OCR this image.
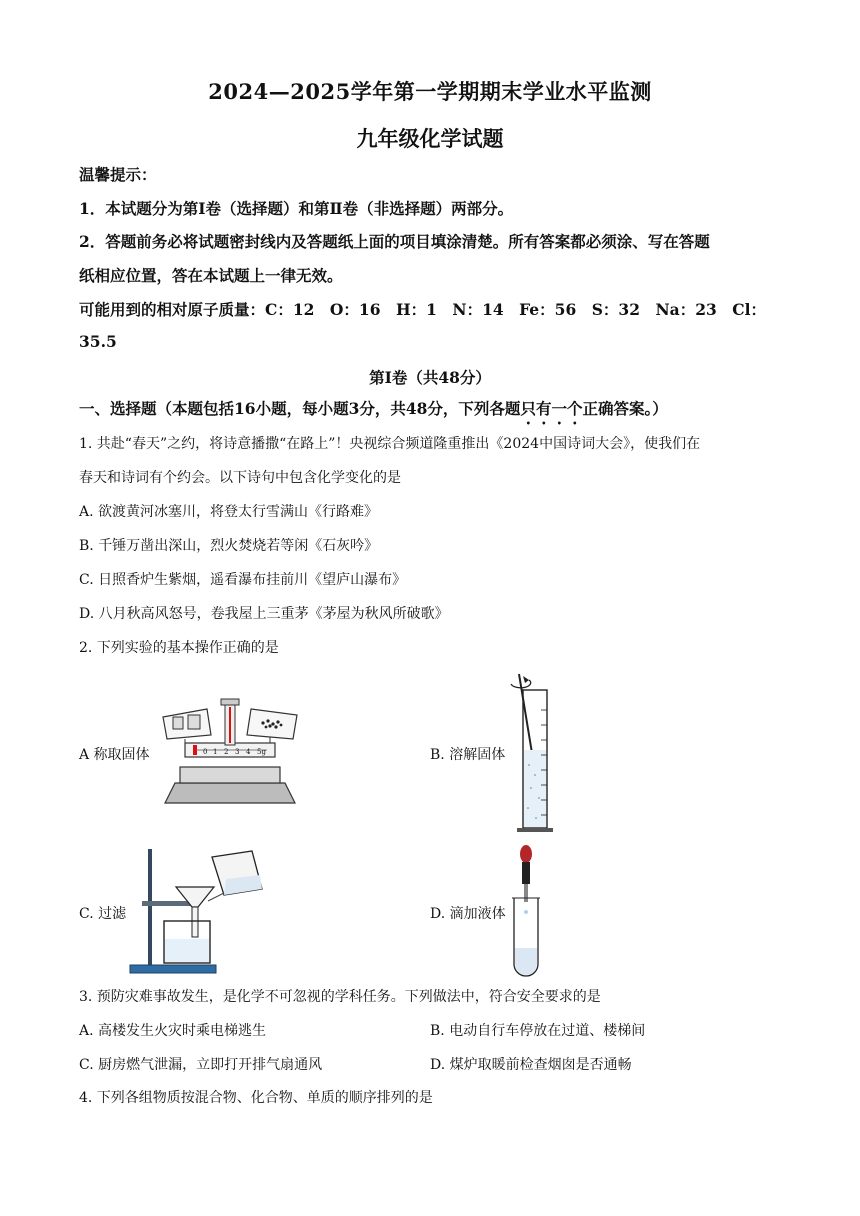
2024—2025学年第一学期期末学业水平监测
九年级化学试题
温馨提示：
1．本试题分为第Ⅰ卷（选择题）和第Ⅱ卷（非选择题）两部分。
2．答题前务必将试题密封线内及答题纸上面的项目填涂清楚。所有答案都必须涂、写在答题
纸相应位置，答在本试题上一律无效。
可能用到的相对原子质量：C：12　O：16　H：1　N：14　Fe：56　S：32　Na：23　Cl：
35.5
第Ⅰ卷（共48分）
一、选择题（本题包括16小题，每小题3分，共48分，下列各题只有一个正确答案。）
1. 共赴“春天”之约，将诗意播撒“在路上”！央视综合频道隆重推出《2024中国诗词大会》，使我们在
春天和诗词有个约会。以下诗句中包含化学变化的是
A. 欲渡黄河冰塞川，将登太行雪满山《行路难》
B. 千锤万凿出深山，烈火焚烧若等闲《石灰吟》
C. 日照香炉生紫烟，遥看瀑布挂前川《望庐山瀑布》
D. 八月秋高风怒号，卷我屋上三重茅《茅屋为秋风所破歌》
2. 下列实验的基本操作正确的是
A 称取固体	0 1 2 3 4 5g	B. 溶解固体
C. 过滤	D. 滴加液体
3. 预防灾难事故发生，是化学不可忽视的学科任务。下列做法中，符合安全要求的是
A. 高楼发生火灾时乘电梯逃生	B. 电动自行车停放在过道、楼梯间
C. 厨房燃气泄漏，立即打开排气扇通风	D. 煤炉取暖前检查烟囱是否通畅
4. 下列各组物质按混合物、化合物、单质的顺序排列的是
